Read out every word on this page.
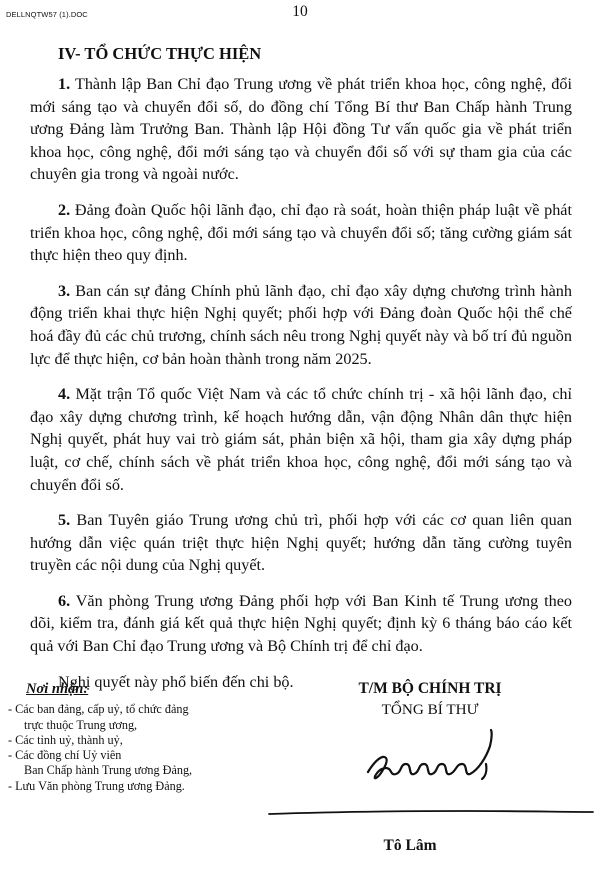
DELLNQTW57 (1).DOC	10
IV- TỔ CHỨC THỰC HIỆN

1. Thành lập Ban Chỉ đạo Trung ương về phát triển khoa học, công nghệ, đổi mới sáng tạo và chuyển đổi số, do đồng chí Tổng Bí thư Ban Chấp hành Trung ương Đảng làm Trưởng Ban. Thành lập Hội đồng Tư vấn quốc gia về phát triển khoa học, công nghệ, đổi mới sáng tạo và chuyển đổi số với sự tham gia của các chuyên gia trong và ngoài nước.

2. Đảng đoàn Quốc hội lãnh đạo, chỉ đạo rà soát, hoàn thiện pháp luật về phát triển khoa học, công nghệ, đổi mới sáng tạo và chuyển đổi số; tăng cường giám sát thực hiện theo quy định.

3. Ban cán sự đảng Chính phủ lãnh đạo, chỉ đạo xây dựng chương trình hành động triển khai thực hiện Nghị quyết; phối hợp với Đảng đoàn Quốc hội thể chế hoá đầy đủ các chủ trương, chính sách nêu trong Nghị quyết này và bố trí đủ nguồn lực để thực hiện, cơ bản hoàn thành trong năm 2025.

4. Mặt trận Tổ quốc Việt Nam và các tổ chức chính trị - xã hội lãnh đạo, chỉ đạo xây dựng chương trình, kế hoạch hướng dẫn, vận động Nhân dân thực hiện Nghị quyết, phát huy vai trò giám sát, phản biện xã hội, tham gia xây dựng pháp luật, cơ chế, chính sách về phát triển khoa học, công nghệ, đổi mới sáng tạo và chuyển đổi số.

5. Ban Tuyên giáo Trung ương chủ trì, phối hợp với các cơ quan liên quan hướng dẫn việc quán triệt thực hiện Nghị quyết; hướng dẫn tăng cường tuyên truyền các nội dung của Nghị quyết.

6. Văn phòng Trung ương Đảng phối hợp với Ban Kinh tế Trung ương theo dõi, kiểm tra, đánh giá kết quả thực hiện Nghị quyết; định kỳ 6 tháng báo cáo kết quả với Ban Chỉ đạo Trung ương và Bộ Chính trị để chỉ đạo.

Nghị quyết này phổ biến đến chi bộ.

Nơi nhận:

- Các ban đảng, cấp uỷ, tổ chức đảng

trực thuộc Trung ương,

- Các tỉnh uỷ, thành uỷ,

- Các đồng chí Uỷ viên

Ban Chấp hành Trung ương Đảng,

- Lưu Văn phòng Trung ương Đảng.

T/M BỘ CHÍNH TRỊ

TỔNG BÍ THƯ

Tô Lâm
